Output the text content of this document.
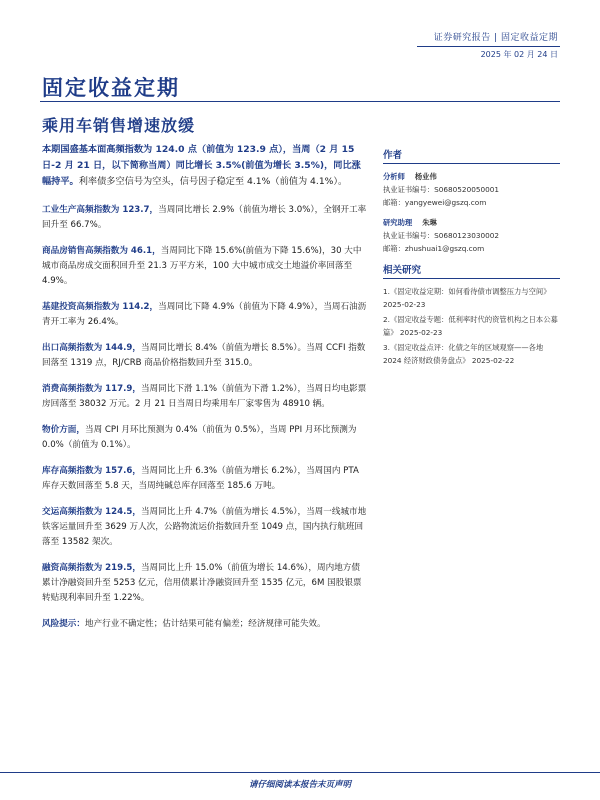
证券研究报告 | 固定收益定期
2025 年 02 月 24 日
固定收益定期
乘用车销售增速放缓

本期国盛基本面高频指数为 124.0 点（前值为 123.9 点），当周（2 月 15 日-2 月 21 日，以下简称当周）同比增长 3.5%(前值为增长 3.5%)，同比涨幅持平。利率债多空信号为空头，信号因子稳定至 4.1%（前值为 4.1%）。

工业生产高频指数为 123.7，当周同比增长 2.9%（前值为增长 3.0%），全钢开工率回升至 66.7%。

商品房销售高频指数为 46.1，当周同比下降 15.6%(前值为下降 15.6%)，30 大中城市商品房成交面积回升至 21.3 万平方米，100 大中城市成交土地溢价率回落至 4.9%。

基建投资高频指数为 114.2，当周同比下降 4.9%（前值为下降 4.9%），当周石油沥青开工率为 26.4%。

出口高频指数为 144.9，当周同比增长 8.4%（前值为增长 8.5%）。当周 CCFI 指数回落至 1319 点，RJ/CRB 商品价格指数回升至 315.0。

消费高频指数为 117.9，当周同比下滑 1.1%（前值为下滑 1.2%），当周日均电影票房回落至 38032 万元。2 月 21 日当周日均乘用车厂家零售为 48910 辆。

物价方面，当周 CPI 月环比预测为 0.4%（前值为 0.5%），当周 PPI 月环比预测为 0.0%（前值为 0.1%）。

库存高频指数为 157.6，当周同比上升 6.3%（前值为增长 6.2%），当周国内 PTA 库存天数回落至 5.8 天，当周纯碱总库存回落至 185.6 万吨。

交运高频指数为 124.5，当周同比上升 4.7%（前值为增长 4.5%），当周一线城市地铁客运量回升至 3629 万人次，公路物流运价指数回升至 1049 点，国内执行航班回落至 13582 架次。

融资高频指数为 219.5，当周同比上升 15.0%（前值为增长 14.6%），周内地方债累计净融资回升至 5253 亿元，信用债累计净融资回升至 1535 亿元，6M 国股银票转贴现利率回升至 1.22%。

风险提示：地产行业不确定性；估计结果可能有偏差；经济规律可能失效。

作者
分析师 杨业伟
执业证书编号：S0680520050001
邮箱：yangyewei@gszq.com
研究助理 朱琳
执业证书编号：S0680123030002
邮箱：zhushuai1@gszq.com
相关研究
1.《固定收益定期：如何看待债市调整压力与空间》 2025-02-23
2.《固定收益专题：低利率时代的资管机构之日本公募篇》 2025-02-23
3.《固定收益点评：化债之年的区域观察——各地 2024 经济财政债务盘点》 2025-02-22
请仔细阅读本报告末页声明
